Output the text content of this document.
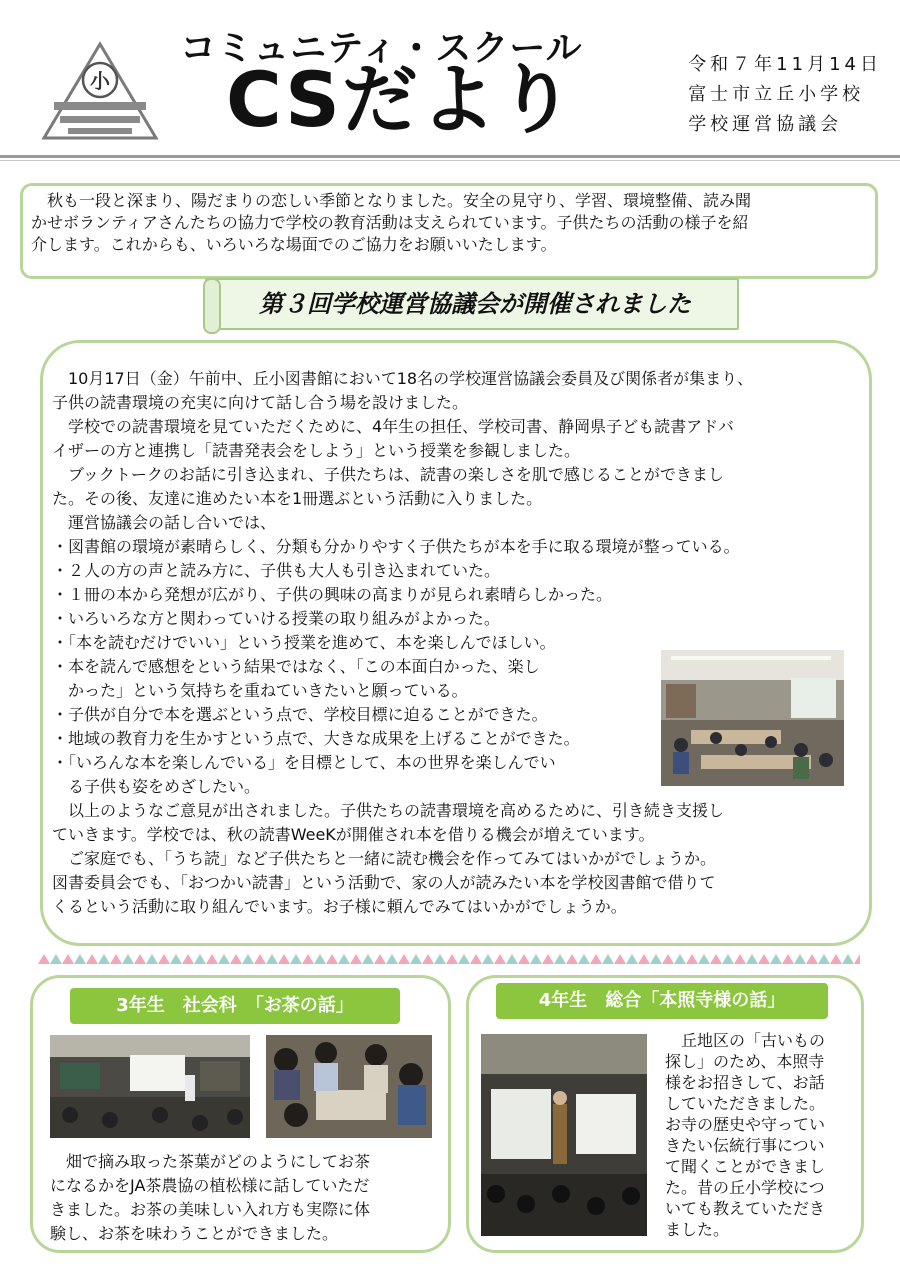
小
コミュニティ・スクール
CSだより	令和７年11月14日
富士市立丘小学校
学校運営協議会

秋も一段と深まり、陽だまりの恋しい季節となりました。安全の見守り、学習、環境整備、読み聞

かせボランティアさんたちの協力で学校の教育活動は支えられています。子供たちの活動の様子を紹
介します。これからも、いろいろな場面でのご協力をお願いいたします。
第３回学校運営協議会が開催されました
　10月17日（金）午前中、丘小図書館において18名の学校運営協議会委員及び関係者が集まり、
子供の読書環境の充実に向けて話し合う場を設けました。
　学校での読書環境を見ていただくために、4年生の担任、学校司書、静岡県子ども読書アドバ
イザーの方と連携し「読書発表会をしよう」という授業を参観しました。
　ブックトークのお話に引き込まれ、子供たちは、読書の楽しさを肌で感じることができまし
た。その後、友達に進めたい本を1冊選ぶという活動に入りました。
　運営協議会の話し合いでは、
・図書館の環境が素晴らしく、分類も分かりやすく子供たちが本を手に取る環境が整っている。
・２人の方の声と読み方に、子供も大人も引き込まれていた。
・１冊の本から発想が広がり、子供の興味の高まりが見られ素晴らしかった。
・いろいろな方と関わっていける授業の取り組みがよかった。
・「本を読むだけでいい」という授業を進めて、本を楽しんでほしい。
・本を読んで感想をという結果ではなく、「この本面白かった、楽し
　かった」という気持ちを重ねていきたいと願っている。
・子供が自分で本を選ぶという点で、学校目標に迫ることができた。
・地域の教育力を生かすという点で、大きな成果を上げることができた。
・「いろんな本を楽しんでいる」を目標として、本の世界を楽しんでい
　る子供も姿をめざしたい。
　以上のようなご意見が出されました。子供たちの読書環境を高めるために、引き続き支援し
ていきます。学校では、秋の読書WeeKが開催され本を借りる機会が増えています。
　ご家庭でも、「うち読」など子供たちと一緒に読む機会を作ってみてはいかがでしょうか。
図書委員会でも、「おつかい読書」という活動で、家の人が読みたい本を学校図書館で借りて
くるという活動に取り組んでいます。お子様に頼んでみてはいかがでしょうか。
3年生　社会科　「お茶の話」
　畑で摘み取った茶葉がどのようにしてお茶
になるかをJA茶農協の植松様に話していただ
きました。お茶の美味しい入れ方も実際に体
験し、お茶を味わうことができました。
4年生　総合「本照寺様の話」
　丘地区の「古いもの
探し」のため、本照寺
様をお招きして、お話
していただきました。
お寺の歴史や守ってい
きたい伝統行事につい
て聞くことができまし
た。昔の丘小学校につ
いても教えていただき
ました。
